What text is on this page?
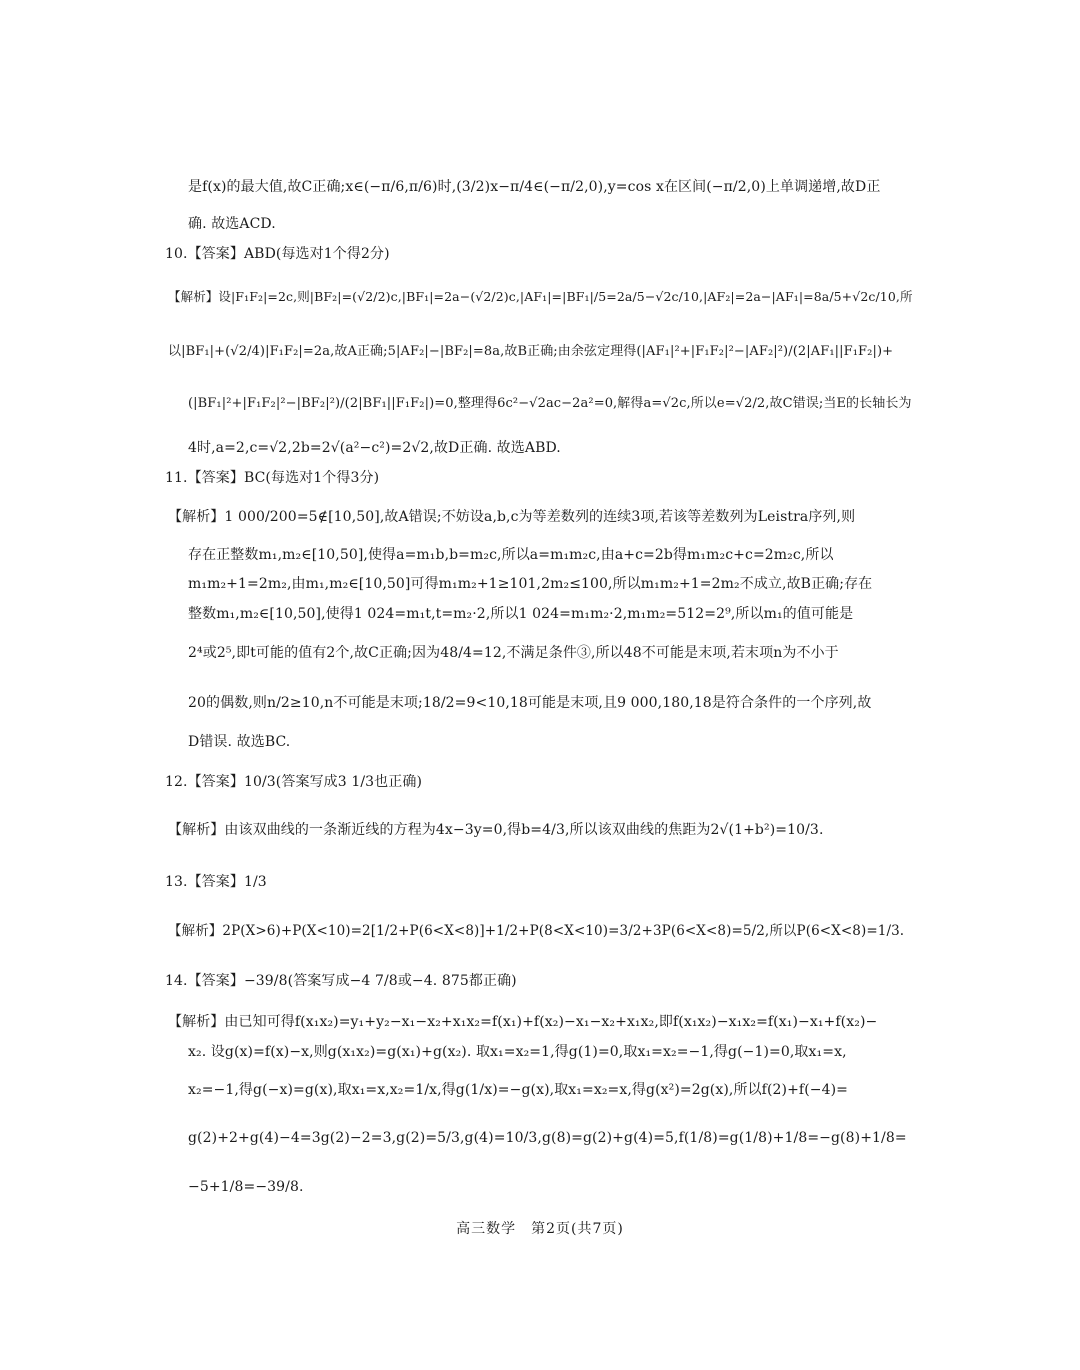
是f(x)的最大值,故C正确;x∈(−π/6,π/6)时,(3/2)x−π/4∈(−π/2,0),y=cos x在区间(−π/2,0)上单调递增,故D正
确. 故选ACD.
10.【答案】ABD(每选对1个得2分)
【解析】设|F₁F₂|=2c,则|BF₂|=(√2/2)c,|BF₁|=2a−(√2/2)c,|AF₁|=|BF₁|/5=2a/5−√2c/10,|AF₂|=2a−|AF₁|=8a/5+√2c/10,所
以|BF₁|+(√2/4)|F₁F₂|=2a,故A正确;5|AF₂|−|BF₂|=8a,故B正确;由余弦定理得(|AF₁|²+|F₁F₂|²−|AF₂|²)/(2|AF₁||F₁F₂|)+
(|BF₁|²+|F₁F₂|²−|BF₂|²)/(2|BF₁||F₁F₂|)=0,整理得6c²−√2ac−2a²=0,解得a=√2c,所以e=√2/2,故C错误;当E的长轴长为
4时,a=2,c=√2,2b=2√(a²−c²)=2√2,故D正确. 故选ABD.
11.【答案】BC(每选对1个得3分)
【解析】1 000/200=5∉[10,50],故A错误;不妨设a,b,c为等差数列的连续3项,若该等差数列为Leistra序列,则
存在正整数m₁,m₂∈[10,50],使得a=m₁b,b=m₂c,所以a=m₁m₂c,由a+c=2b得m₁m₂c+c=2m₂c,所以
m₁m₂+1=2m₂,由m₁,m₂∈[10,50]可得m₁m₂+1≥101,2m₂≤100,所以m₁m₂+1=2m₂不成立,故B正确;存在
整数m₁,m₂∈[10,50],使得1 024=m₁t,t=m₂·2,所以1 024=m₁m₂·2,m₁m₂=512=2⁹,所以m₁的值可能是
2⁴或2⁵,即t可能的值有2个,故C正确;因为48/4=12,不满足条件③,所以48不可能是末项,若末项n为不小于
20的偶数,则n/2≥10,n不可能是末项;18/2=9<10,18可能是末项,且9 000,180,18是符合条件的一个序列,故
D错误. 故选BC.
12.【答案】10/3(答案写成3 1/3也正确)
【解析】由该双曲线的一条渐近线的方程为4x−3y=0,得b=4/3,所以该双曲线的焦距为2√(1+b²)=10/3.
13.【答案】1/3
【解析】2P(X>6)+P(X<10)=2[1/2+P(6<X<8)]+1/2+P(8<X<10)=3/2+3P(6<X<8)=5/2,所以P(6<X<8)=1/3.
14.【答案】−39/8(答案写成−4 7/8或−4. 875都正确)
【解析】由已知可得f(x₁x₂)=y₁+y₂−x₁−x₂+x₁x₂=f(x₁)+f(x₂)−x₁−x₂+x₁x₂,即f(x₁x₂)−x₁x₂=f(x₁)−x₁+f(x₂)−
x₂. 设g(x)=f(x)−x,则g(x₁x₂)=g(x₁)+g(x₂). 取x₁=x₂=1,得g(1)=0,取x₁=x₂=−1,得g(−1)=0,取x₁=x,
x₂=−1,得g(−x)=g(x),取x₁=x,x₂=1/x,得g(1/x)=−g(x),取x₁=x₂=x,得g(x²)=2g(x),所以f(2)+f(−4)=
g(2)+2+g(4)−4=3g(2)−2=3,g(2)=5/3,g(4)=10/3,g(8)=g(2)+g(4)=5,f(1/8)=g(1/8)+1/8=−g(8)+1/8=
−5+1/8=−39/8.
高三数学　第2页(共7页)
